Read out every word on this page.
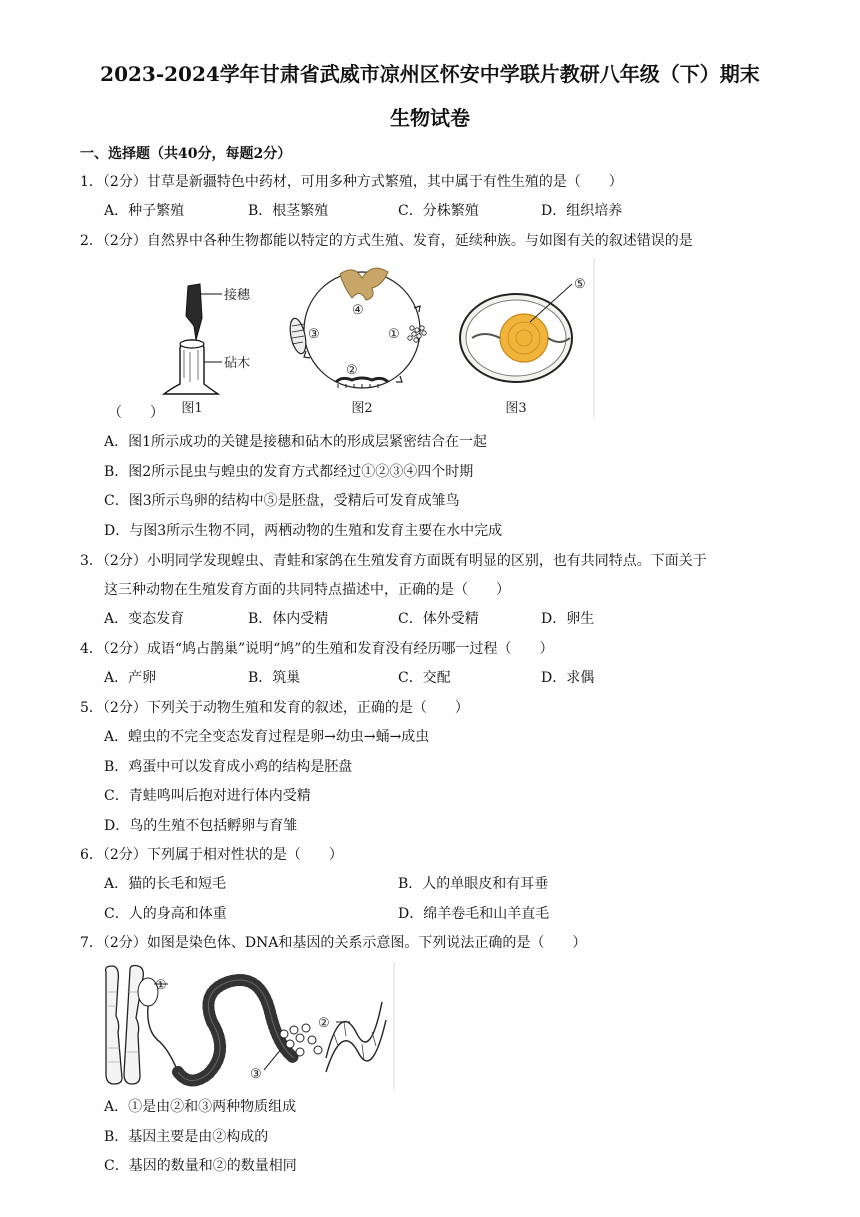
2023-2024学年甘肃省武威市凉州区怀安中学联片教研八年级（下）期末
生物试卷
一、选择题（共40分，每题2分）
1．（2分）甘草是新疆特色中药材，可用多种方式繁殖，其中属于有性生殖的是（　　）
A．种子繁殖	B．根茎繁殖	C．分株繁殖	D．组织培养
2．（2分）自然界中各种生物都能以特定的方式生殖、发育，延续种族。与如图有关的叙述错误的是
接穗
砧木
图1
④
①
②
③
图2
⑤
图3
（　　）
A．图1所示成功的关键是接穗和砧木的形成层紧密结合在一起
B．图2所示昆虫与蝗虫的发育方式都经过①②③④四个时期
C．图3所示鸟卵的结构中⑤是胚盘，受精后可发育成雏鸟
D．与图3所示生物不同，两栖动物的生殖和发育主要在水中完成
3．（2分）小明同学发现蝗虫、青蛙和家鸽在生殖发育方面既有明显的区别，也有共同特点。下面关于
这三种动物在生殖发育方面的共同特点描述中，正确的是（　　）
A．变态发育	B．体内受精	C．体外受精	D．卵生
4．（2分）成语“鸠占鹊巢”说明“鸠”的生殖和发育没有经历哪一过程（　　）
A．产卵	B．筑巢	C．交配	D．求偶
5．（2分）下列关于动物生殖和发育的叙述，正确的是（　　）
A．蝗虫的不完全变态发育过程是卵→幼虫→蛹→成虫
B．鸡蛋中可以发育成小鸡的结构是胚盘
C．青蛙鸣叫后抱对进行体内受精
D．鸟的生殖不包括孵卵与育雏
6．（2分）下列属于相对性状的是（　　）
A．猫的长毛和短毛	B．人的单眼皮和有耳垂
C．人的身高和体重	D．绵羊卷毛和山羊直毛
7．（2分）如图是染色体、DNA和基因的关系示意图。下列说法正确的是（　　）
①
③
②
A．①是由②和③两种物质组成
B．基因主要是由②构成的
C．基因的数量和②的数量相同
